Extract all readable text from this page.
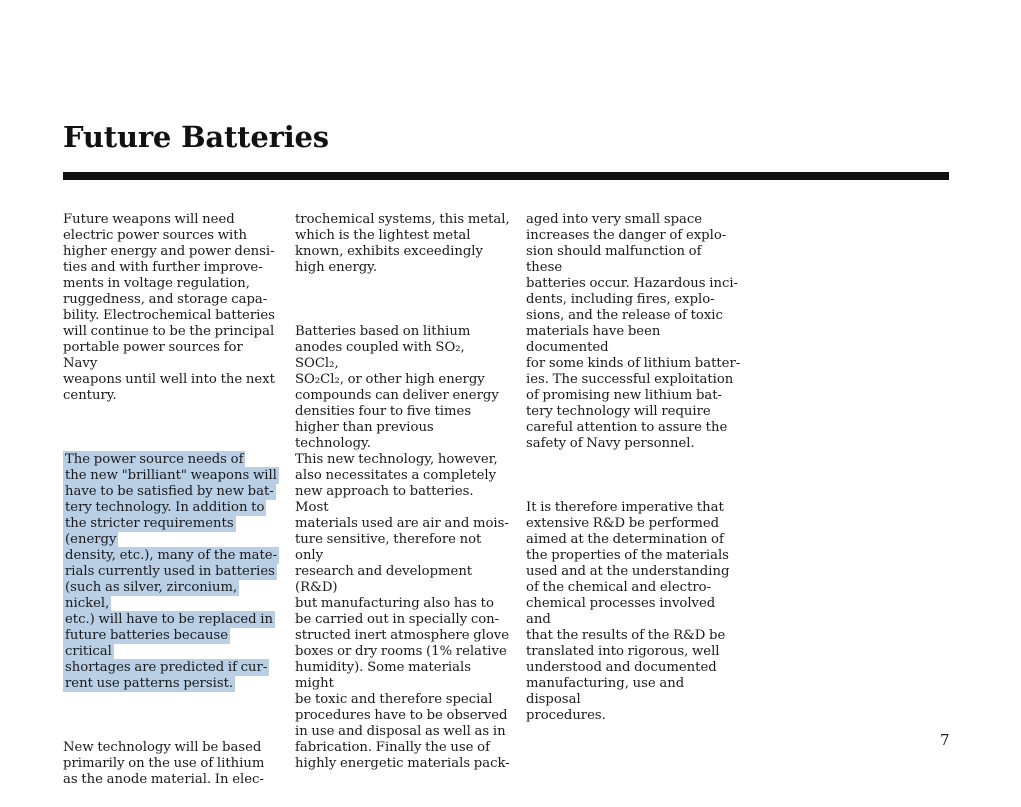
Future Batteries

Future weapons will need
electric power sources with
higher energy and power densi-
ties and with further improve-
ments in voltage regulation,
ruggedness, and storage capa-
bility. Electrochemical batteries
will continue to be the principal
portable power sources for Navy
weapons until well into the next
century.

The power source needs of
the new "brilliant" weapons will
have to be satisfied by new bat-
tery technology. In addition to
the stricter requirements (energy
density, etc.), many of the mate-
rials currently used in batteries
(such as silver, zirconium, nickel,
etc.) will have to be replaced in
future batteries because critical
shortages are predicted if cur-
rent use patterns persist.

New technology will be based
primarily on the use of lithium
as the anode material. In elec-

trochemical systems, this metal,
which is the lightest metal
known, exhibits exceedingly
high energy.

Batteries based on lithium
anodes coupled with SO₂, SOCl₂,
SO₂Cl₂, or other high energy
compounds can deliver energy
densities four to five times
higher than previous technology.
This new technology, however,
also necessitates a completely
new approach to batteries. Most
materials used are air and mois-
ture sensitive, therefore not only
research and development (R&D)
but manufacturing also has to
be carried out in specially con-
structed inert atmosphere glove
boxes or dry rooms (1% relative
humidity). Some materials might
be toxic and therefore special
procedures have to be observed
in use and disposal as well as in
fabrication. Finally the use of
highly energetic materials pack-

aged into very small space
increases the danger of explo-
sion should malfunction of these
batteries occur. Hazardous inci-
dents, including fires, explo-
sions, and the release of toxic
materials have been documented
for some kinds of lithium batter-
ies. The successful exploitation
of promising new lithium bat-
tery technology will require
careful attention to assure the
safety of Navy personnel.

It is therefore imperative that
extensive R&D be performed
aimed at the determination of
the properties of the materials
used and at the understanding
of the chemical and electro-
chemical processes involved and
that the results of the R&D be
translated into rigorous, well
understood and documented
manufacturing, use and disposal
procedures.

7
